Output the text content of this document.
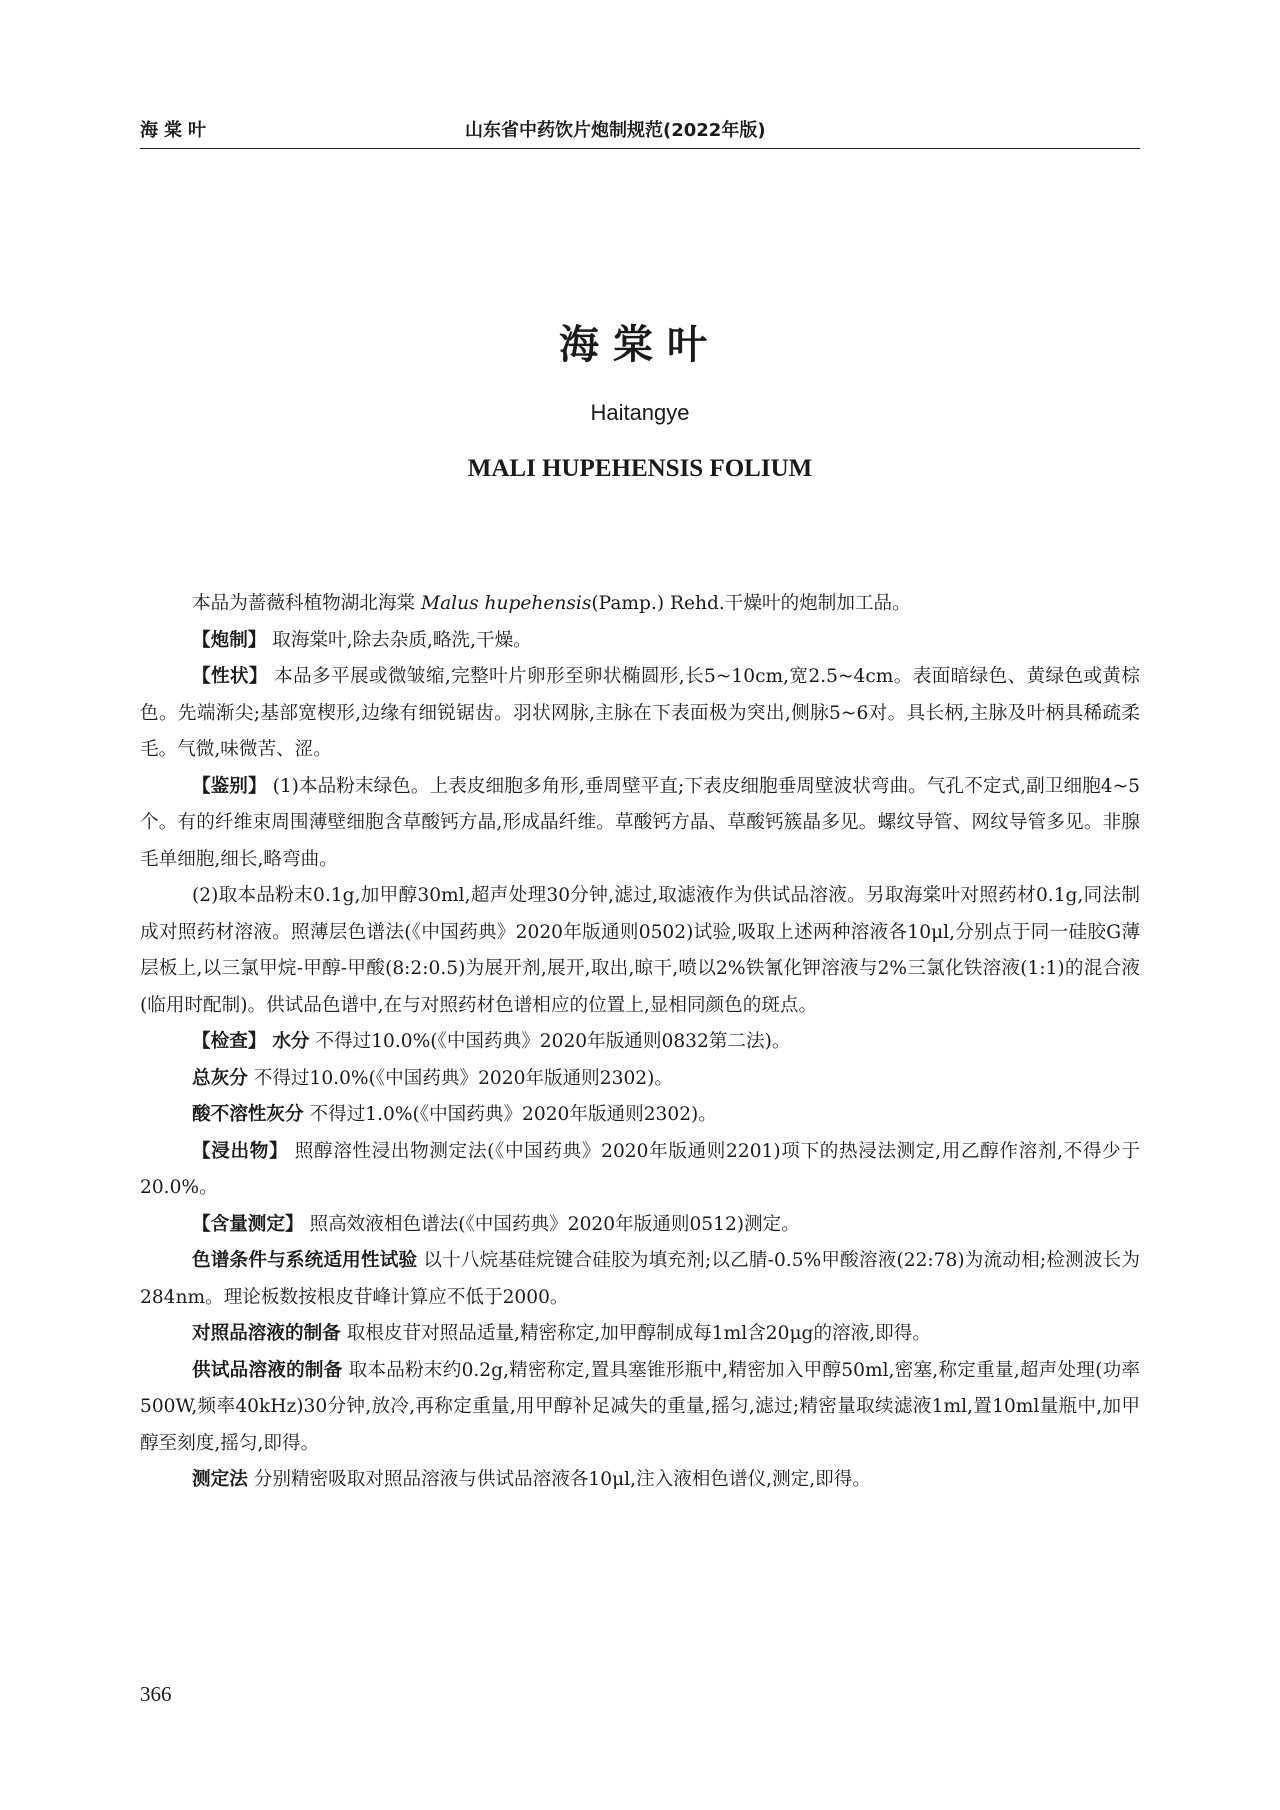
海棠叶	山东省中药饮片炮制规范(2022年版)
海棠叶
Haitangye
MALI HUPEHENSIS FOLIUM

本品为蔷薇科植物湖北海棠 Malus hupehensis(Pamp.) Rehd.干燥叶的炮制加工品。

【炮制】 取海棠叶,除去杂质,略洗,干燥。

【性状】 本品多平展或微皱缩,完整叶片卵形至卵状椭圆形,长5~10cm,宽2.5~4cm。表面暗绿色、黄绿色或黄棕色。先端渐尖;基部宽楔形,边缘有细锐锯齿。羽状网脉,主脉在下表面极为突出,侧脉5~6对。具长柄,主脉及叶柄具稀疏柔毛。气微,味微苦、涩。

【鉴别】 (1)本品粉末绿色。上表皮细胞多角形,垂周壁平直;下表皮细胞垂周壁波状弯曲。气孔不定式,副卫细胞4~5个。有的纤维束周围薄壁细胞含草酸钙方晶,形成晶纤维。草酸钙方晶、草酸钙簇晶多见。螺纹导管、网纹导管多见。非腺毛单细胞,细长,略弯曲。

(2)取本品粉末0.1g,加甲醇30ml,超声处理30分钟,滤过,取滤液作为供试品溶液。另取海棠叶对照药材0.1g,同法制成对照药材溶液。照薄层色谱法(《中国药典》2020年版通则0502)试验,吸取上述两种溶液各10μl,分别点于同一硅胶G薄层板上,以三氯甲烷-甲醇-甲酸(8:2:0.5)为展开剂,展开,取出,晾干,喷以2%铁氰化钾溶液与2%三氯化铁溶液(1:1)的混合液(临用时配制)。供试品色谱中,在与对照药材色谱相应的位置上,显相同颜色的斑点。

【检查】 水分 不得过10.0%(《中国药典》2020年版通则0832第二法)。

总灰分 不得过10.0%(《中国药典》2020年版通则2302)。

酸不溶性灰分 不得过1.0%(《中国药典》2020年版通则2302)。

【浸出物】 照醇溶性浸出物测定法(《中国药典》2020年版通则2201)项下的热浸法测定,用乙醇作溶剂,不得少于20.0%。

【含量测定】 照高效液相色谱法(《中国药典》2020年版通则0512)测定。

色谱条件与系统适用性试验 以十八烷基硅烷键合硅胶为填充剂;以乙腈-0.5%甲酸溶液(22:78)为流动相;检测波长为284nm。理论板数按根皮苷峰计算应不低于2000。

对照品溶液的制备 取根皮苷对照品适量,精密称定,加甲醇制成每1ml含20μg的溶液,即得。

供试品溶液的制备 取本品粉末约0.2g,精密称定,置具塞锥形瓶中,精密加入甲醇50ml,密塞,称定重量,超声处理(功率500W,频率40kHz)30分钟,放冷,再称定重量,用甲醇补足减失的重量,摇匀,滤过;精密量取续滤液1ml,置10ml量瓶中,加甲醇至刻度,摇匀,即得。

测定法 分别精密吸取对照品溶液与供试品溶液各10μl,注入液相色谱仪,测定,即得。

366
